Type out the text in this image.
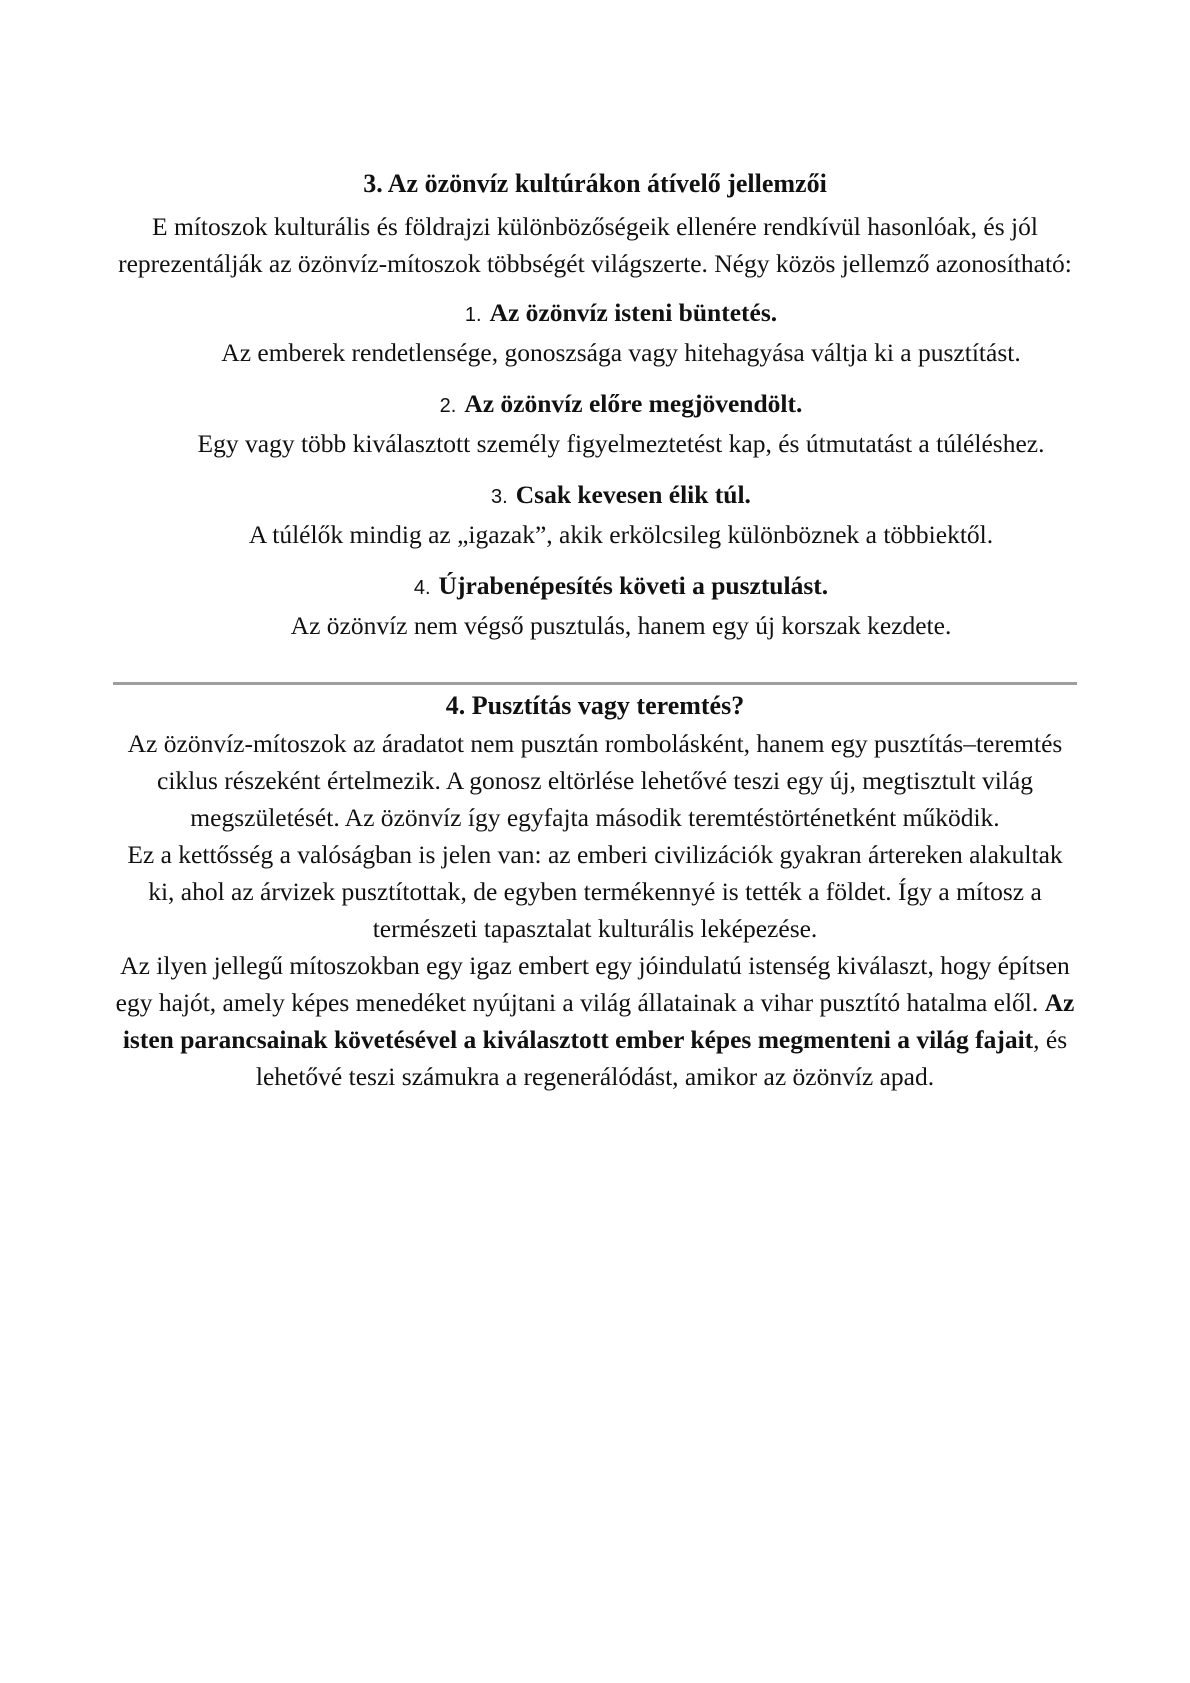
3. Az özönvíz kultúrákon átívelő jellemzői

E mítoszok kulturális és földrajzi különbözőségeik ellenére rendkívül hasonlóak, és jól reprezentálják az özönvíz-mítoszok többségét világszerte. Négy közös jellemző azonosítható:

1. Az özönvíz isteni büntetés.
Az emberek rendetlensége, gonoszsága vagy hitehagyása váltja ki a pusztítást.
2. Az özönvíz előre megjövendölt.
Egy vagy több kiválasztott személy figyelmeztetést kap, és útmutatást a túléléshez.
3. Csak kevesen élik túl.
A túlélők mindig az „igazak”, akik erkölcsileg különböznek a többiektől.
4. Újrabenépesítés követi a pusztulást.
Az özönvíz nem végső pusztulás, hanem egy új korszak kezdete.
4. Pusztítás vagy teremtés?

Az özönvíz-mítoszok az áradatot nem pusztán rombolásként, hanem egy pusztítás–teremtés ciklus részeként értelmezik. A gonosz eltörlése lehetővé teszi egy új, megtisztult világ megszületését. Az özönvíz így egyfajta második teremtéstörténetként működik.

Ez a kettősség a valóságban is jelen van: az emberi civilizációk gyakran ártereken alakultak ki, ahol az árvizek pusztítottak, de egyben termékennyé is tették a földet. Így a mítosz a természeti tapasztalat kulturális leképezése.

Az ilyen jellegű mítoszokban egy igaz embert egy jóindulatú istenség kiválaszt, hogy építsen egy hajót, amely képes menedéket nyújtani a világ állatainak a vihar pusztító hatalma elől. Az isten parancsainak követésével a kiválasztott ember képes megmenteni a világ fajait, és lehetővé teszi számukra a regenerálódást, amikor az özönvíz apad.
